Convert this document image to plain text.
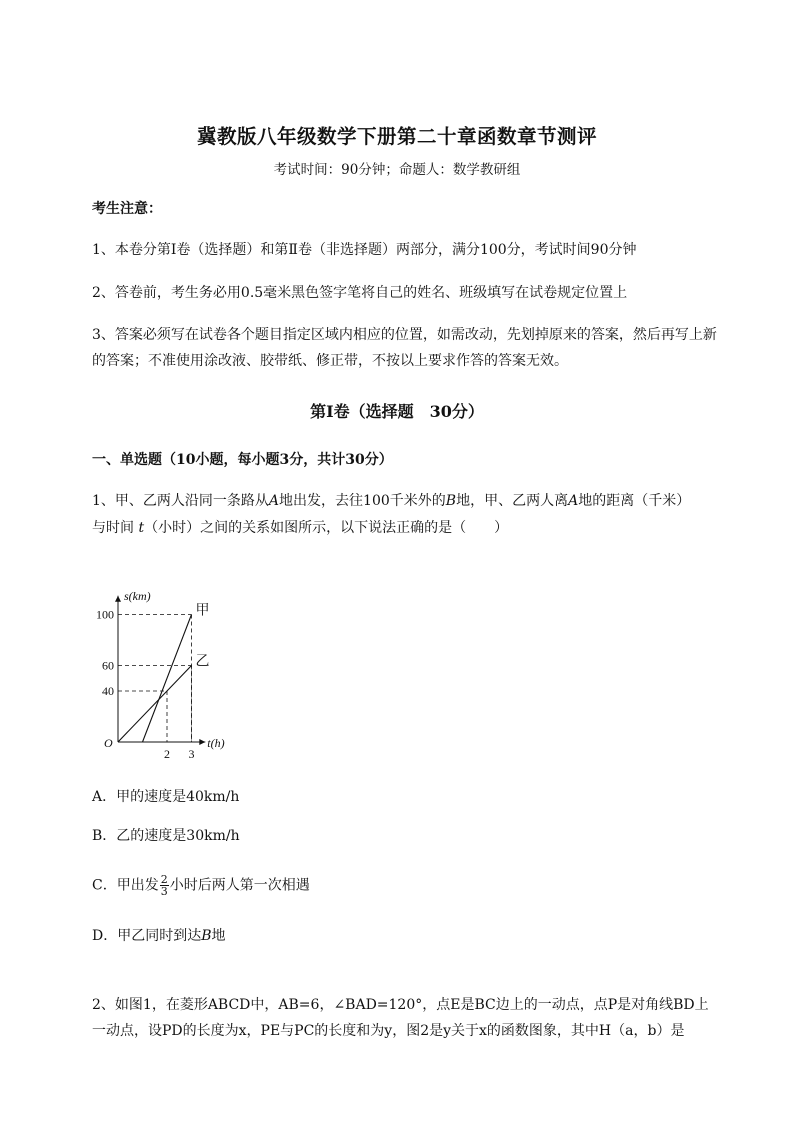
冀教版八年级数学下册第二十章函数章节测评
考试时间：90分钟；命题人：数学教研组
考生注意：
1、本卷分第Ⅰ卷（选择题）和第Ⅱ卷（非选择题）两部分，满分100分，考试时间90分钟
2、答卷前，考生务必用0.5毫米黑色签字笔将自己的姓名、班级填写在试卷规定位置上
3、答案必须写在试卷各个题目指定区域内相应的位置，如需改动，先划掉原来的答案，然后再写上新
的答案；不准使用涂改液、胶带纸、修正带，不按以上要求作答的答案无效。
第Ⅰ卷（选择题　30分）
一、单选题（10小题，每小题3分，共计30分）
1、甲、乙两人沿同一条路从A地出发，去往100千米外的B地，甲、乙两人离A地的距离（千米）
与时间 t（小时）之间的关系如图所示，以下说法正确的是（　　）
t(h)
s(km)
O
40
60
100
2 3
甲
乙
A．甲的速度是40km/h
B．乙的速度是30km/h
C．甲出发 $\frac{2}{3}$ 小时后两人第一次相遇
D．甲乙同时到达B地
2、如图1，在菱形ABCD中，AB=6，∠BAD=120°，点E是BC边上的一动点，点P是对角线BD上
一动点，设PD的长度为x，PE与PC的长度和为y，图2是y关于x的函数图象，其中H（a，b）是
